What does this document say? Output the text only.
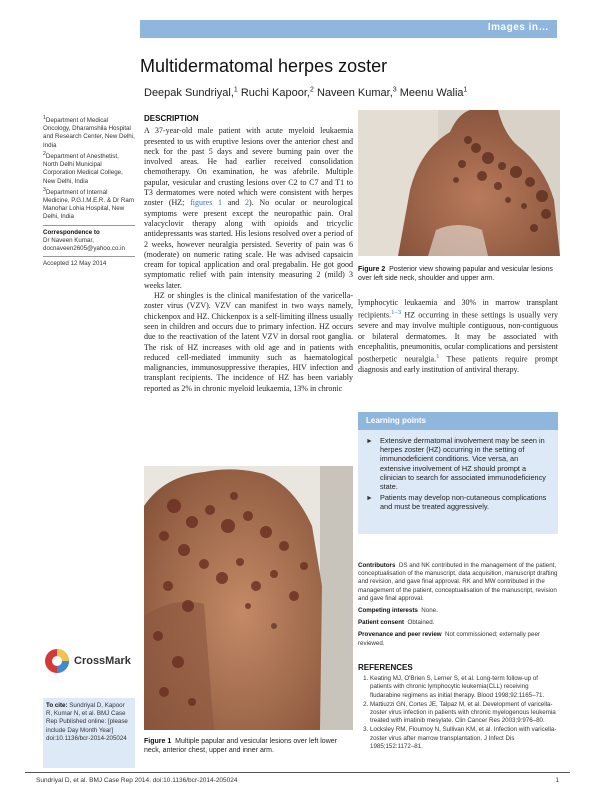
Images in…
Multidermatomal herpes zoster
Deepak Sundriyal,$^1$ Ruchi Kapoor,$^2$ Naveen Kumar,$^3$ Meenu Walia$^1$

$^1$Department of Medical Oncology, Dharamshila Hospital and Research Center, New Delhi, India

$^2$Department of Anesthetist, North Delhi Municipal Corporation Medical College, New Delhi, India

$^3$Department of Internal Medicine, P.G.I.M.E.R. & Dr Ram Manohar Lohia Hospital, New Delhi, India

Correspondence to

Dr Naveen Kumar,

docnaveen2605@yahoo.co.in

Accepted 12 May 2014

DESCRIPTION

A 37-year-old male patient with acute myeloid leukaemia presented to us with eruptive lesions over the anterior chest and neck for the past 5 days and severe burning pain over the involved areas. He had earlier received consolidation chemotherapy. On examination, he was afebrile. Multiple papular, vesicular and crusting lesions over C2 to C7 and T1 to T3 dermatomes were noted which were consistent with herpes zoster (HZ; figures 1 and 2). No ocular or neurological symptoms were present except the neuropathic pain. Oral valacyclovir therapy along with opioids and tricyclic antidepressants was started. His lesions resolved over a period of 2 weeks, however neuralgia persisted. Severity of pain was 6 (moderate) on numeric rating scale. He was advised capsaicin cream for topical application and oral pregabalin. He got good symptomatic relief with pain intensity measuring 2 (mild) 3 weeks later.

HZ or shingles is the clinical manifestation of the varicella-zoster virus (VZV). VZV can manifest in two ways namely, chickenpox and HZ. Chickenpox is a self-limiting illness usually seen in children and occurs due to primary infection. HZ occurs due to the reactivation of the latent VZV in dorsal root ganglia. The risk of HZ increases with old age and in patients with reduced cell-mediated immunity such as haematological malignancies, immunosuppressive therapies, HIV infection and transplant recipients. The incidence of HZ has been variably reported as 2% in chronic myeloid leukaemia, 13% in chronic

Figure 2 Posterior view showing papular and vesicular lesions over left side neck, shoulder and upper arm.

lymphocytic leukaemia and 30% in marrow transplant recipients.$^{1-3}$ HZ occurring in these settings is usually very severe and may involve multiple contiguous, non-contiguous or bilateral dermatomes. It may be associated with encephalitis, pneumonitis, ocular complications and persistent postherpetic neuralgia.$^1$ These patients require prompt diagnosis and early institution of antiviral therapy.

Learning points
► Extensive dermatomal involvement may be seen in herpes zoster (HZ) occurring in the setting of immunodeficient conditions. Vice versa, an extensive involvement of HZ should prompt a clinician to search for associated immunodeficiency state.
► Patients may develop non-cutaneous complications and must be treated aggressively.
Figure 1 Multiple papular and vesicular lesions over left lower neck, anterior chest, upper and inner arm.

Contributors DS and NK contributed in the management of the patient, conceptualisation of the manuscript, data acquisition, manuscript drafting and revision, and gave final approval. RK and MW contributed in the management of the patient, conceptualisation of the manuscript, revision and gave final approval.

Competing interests None.

Patient consent Obtained.

Provenance and peer review Not commissioned; externally peer reviewed.

REFERENCES
1. Keating MJ, O'Brien S, Lerner S, et al. Long-term follow-up of patients with chronic lymphocytic leukemia(CLL) receiving fludarabine regimens as initial therapy. Blood 1998;92:1165–71.
2. Mattiuzzi GN, Cortes JE, Talpaz M, et al. Development of varicella-zoster virus infection in patients with chronic myelogenous leukemia treated with imatinib mesylate. Clin Cancer Res 2003;9:976–80.
3. Locksley RM, Flournoy N, Sullivan KM, et al. Infection with varicella-zoster virus after marrow transplantation. J Infect Dis 1985;152:1172–81.
CrossMark
To cite: Sundriyal D, Kapoor R, Kumar N, et al. BMJ Case Rep Published online: [please include Day Month Year] doi:10.1136/bcr-2014-205024
Sundriyal D, et al. BMJ Case Rep 2014. doi:10.1136/bcr-2014-205024	1
